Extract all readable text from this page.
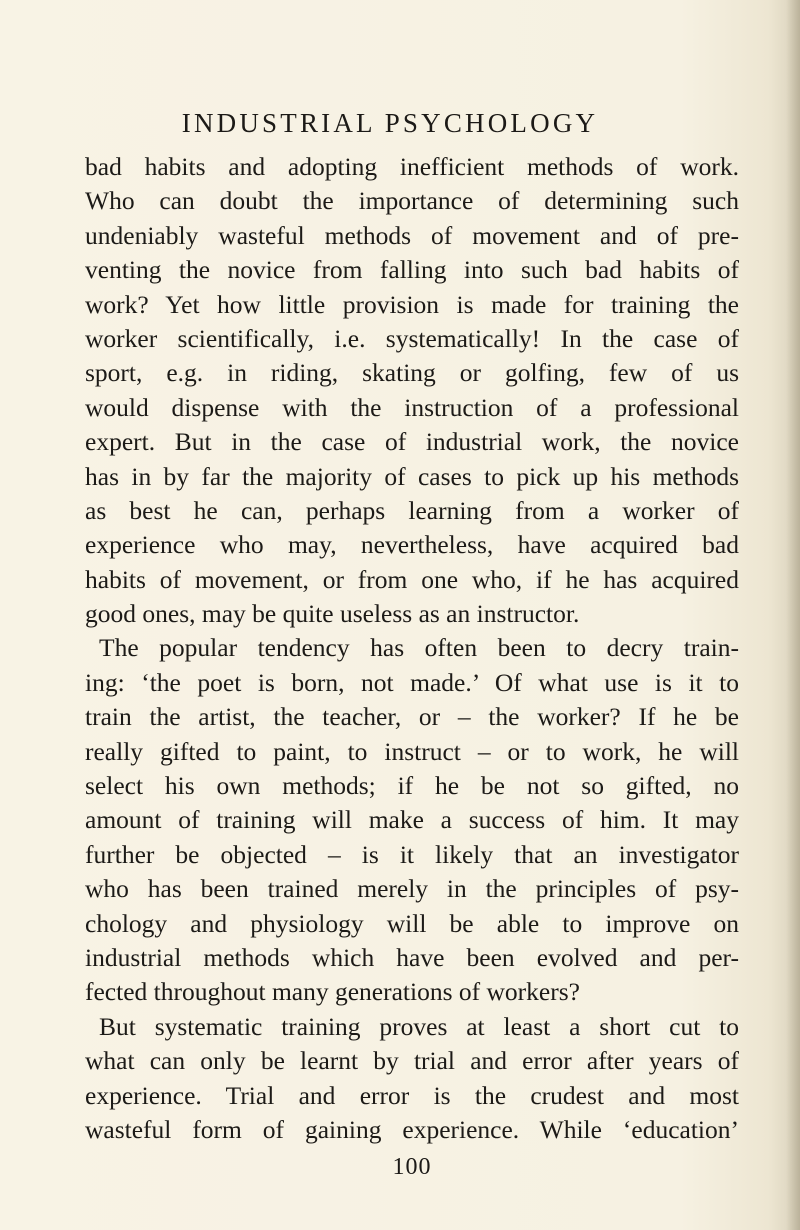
INDUSTRIAL PSYCHOLOGY
bad habits and adopting inefficient methods of work.
Who can doubt the importance of determining such
undeniably wasteful methods of movement and of pre-
venting the novice from falling into such bad habits of
work? Yet how little provision is made for training the
worker scientifically, i.e. systematically! In the case of
sport, e.g. in riding, skating or golfing, few of us
would dispense with the instruction of a professional
expert. But in the case of industrial work, the novice
has in by far the majority of cases to pick up his methods
as best he can, perhaps learning from a worker of
experience who may, nevertheless, have acquired bad
habits of movement, or from one who, if he has acquired
good ones, may be quite useless as an instructor.
The popular tendency has often been to decry train-
ing: ‘the poet is born, not made.’ Of what use is it to
train the artist, the teacher, or – the worker? If he be
really gifted to paint, to instruct – or to work, he will
select his own methods; if he be not so gifted, no
amount of training will make a success of him. It may
further be objected – is it likely that an investigator
who has been trained merely in the principles of psy-
chology and physiology will be able to improve on
industrial methods which have been evolved and per-
fected throughout many generations of workers?
But systematic training proves at least a short cut to
what can only be learnt by trial and error after years of
experience. Trial and error is the crudest and most
wasteful form of gaining experience. While ‘education’
100
